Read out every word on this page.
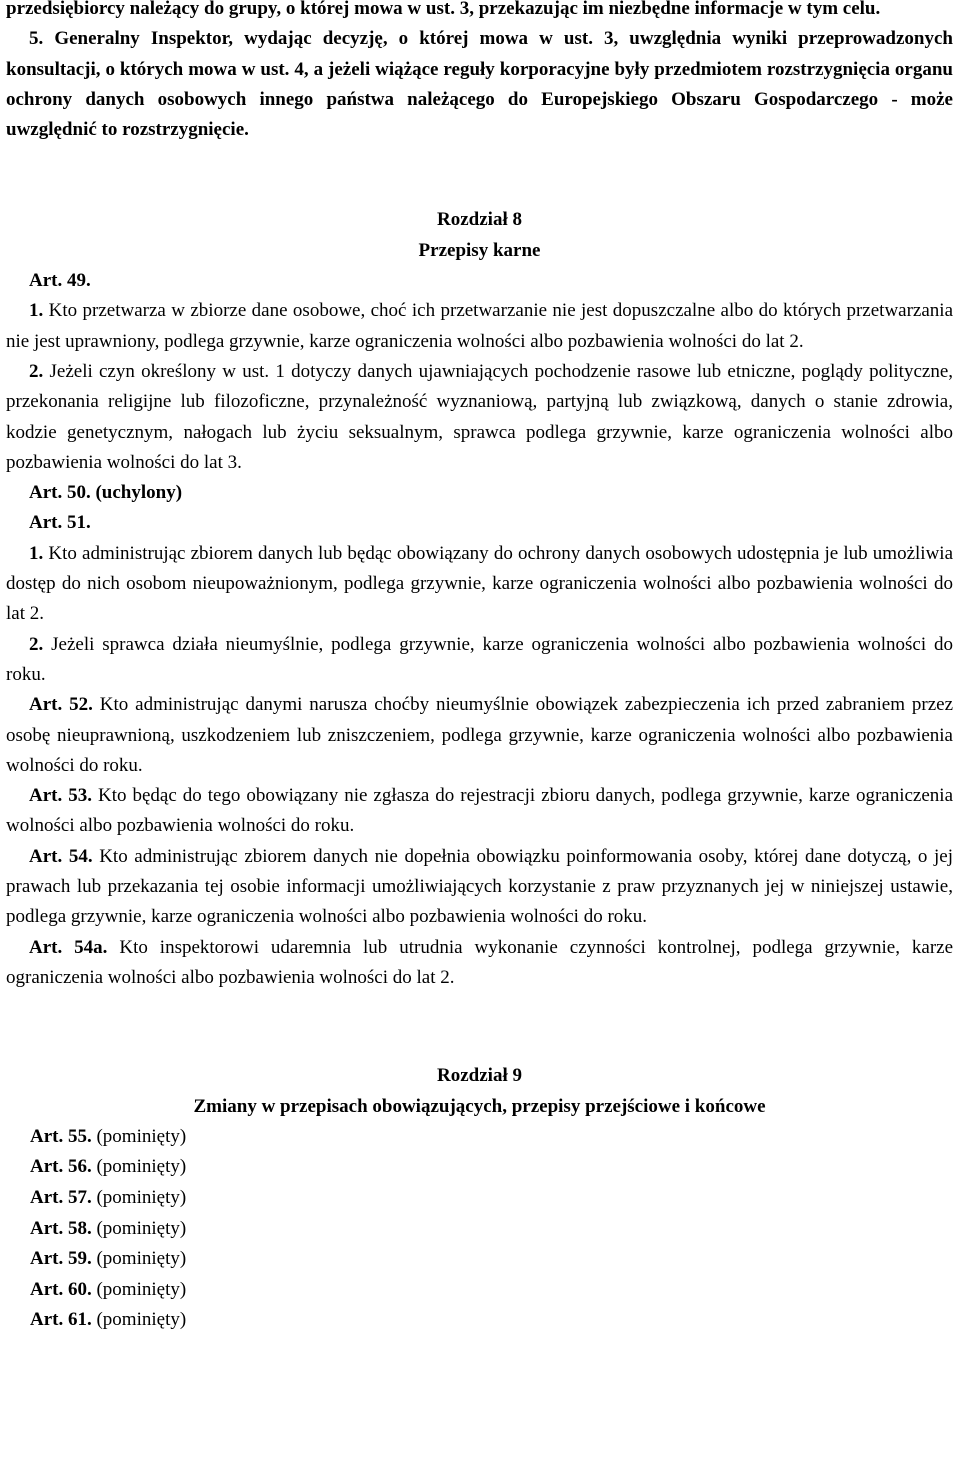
przedsiębiorcy należący do grupy, o której mowa w ust. 3, przekazując im niezbędne informacje w tym celu.

5. Generalny Inspektor, wydając decyzję, o której mowa w ust. 3, uwzględnia wyniki przeprowadzonych konsultacji, o których mowa w ust. 4, a jeżeli wiążące reguły korporacyjne były przedmiotem rozstrzygnięcia organu ochrony danych osobowych innego państwa należącego do Europejskiego Obszaru Gospodarczego - może uwzględnić to rozstrzygnięcie.

Rozdział 8

Przepisy karne

Art. 49.

1. Kto przetwarza w zbiorze dane osobowe, choć ich przetwarzanie nie jest dopuszczalne albo do których przetwarzania nie jest uprawniony, podlega grzywnie, karze ograniczenia wolności albo pozbawienia wolności do lat 2.

2. Jeżeli czyn określony w ust. 1 dotyczy danych ujawniających pochodzenie rasowe lub etniczne, poglądy polityczne, przekonania religijne lub filozoficzne, przynależność wyznaniową, partyjną lub związkową, danych o stanie zdrowia, kodzie genetycznym, nałogach lub życiu seksualnym, sprawca podlega grzywnie, karze ograniczenia wolności albo pozbawienia wolności do lat 3.

Art. 50. (uchylony)

Art. 51.

1. Kto administrując zbiorem danych lub będąc obowiązany do ochrony danych osobowych udostępnia je lub umożliwia dostęp do nich osobom nieupoważnionym, podlega grzywnie, karze ograniczenia wolności albo pozbawienia wolności do lat 2.

2. Jeżeli sprawca działa nieumyślnie, podlega grzywnie, karze ograniczenia wolności albo pozbawienia wolności do roku.

Art. 52. Kto administrując danymi narusza choćby nieumyślnie obowiązek zabezpieczenia ich przed zabraniem przez osobę nieuprawnioną, uszkodzeniem lub zniszczeniem, podlega grzywnie, karze ograniczenia wolności albo pozbawienia wolności do roku.

Art. 53. Kto będąc do tego obowiązany nie zgłasza do rejestracji zbioru danych, podlega grzywnie, karze ograniczenia wolności albo pozbawienia wolności do roku.

Art. 54. Kto administrując zbiorem danych nie dopełnia obowiązku poinformowania osoby, której dane dotyczą, o jej prawach lub przekazania tej osobie informacji umożliwiających korzystanie z praw przyznanych jej w niniejszej ustawie, podlega grzywnie, karze ograniczenia wolności albo pozbawienia wolności do roku.

Art. 54a. Kto inspektorowi udaremnia lub utrudnia wykonanie czynności kontrolnej, podlega grzywnie, karze ograniczenia wolności albo pozbawienia wolności do lat 2.

Rozdział 9

Zmiany w przepisach obowiązujących, przepisy przejściowe i końcowe

Art. 55. (pominięty)

Art. 56. (pominięty)

Art. 57. (pominięty)

Art. 58. (pominięty)

Art. 59. (pominięty)

Art. 60. (pominięty)

Art. 61. (pominięty)
